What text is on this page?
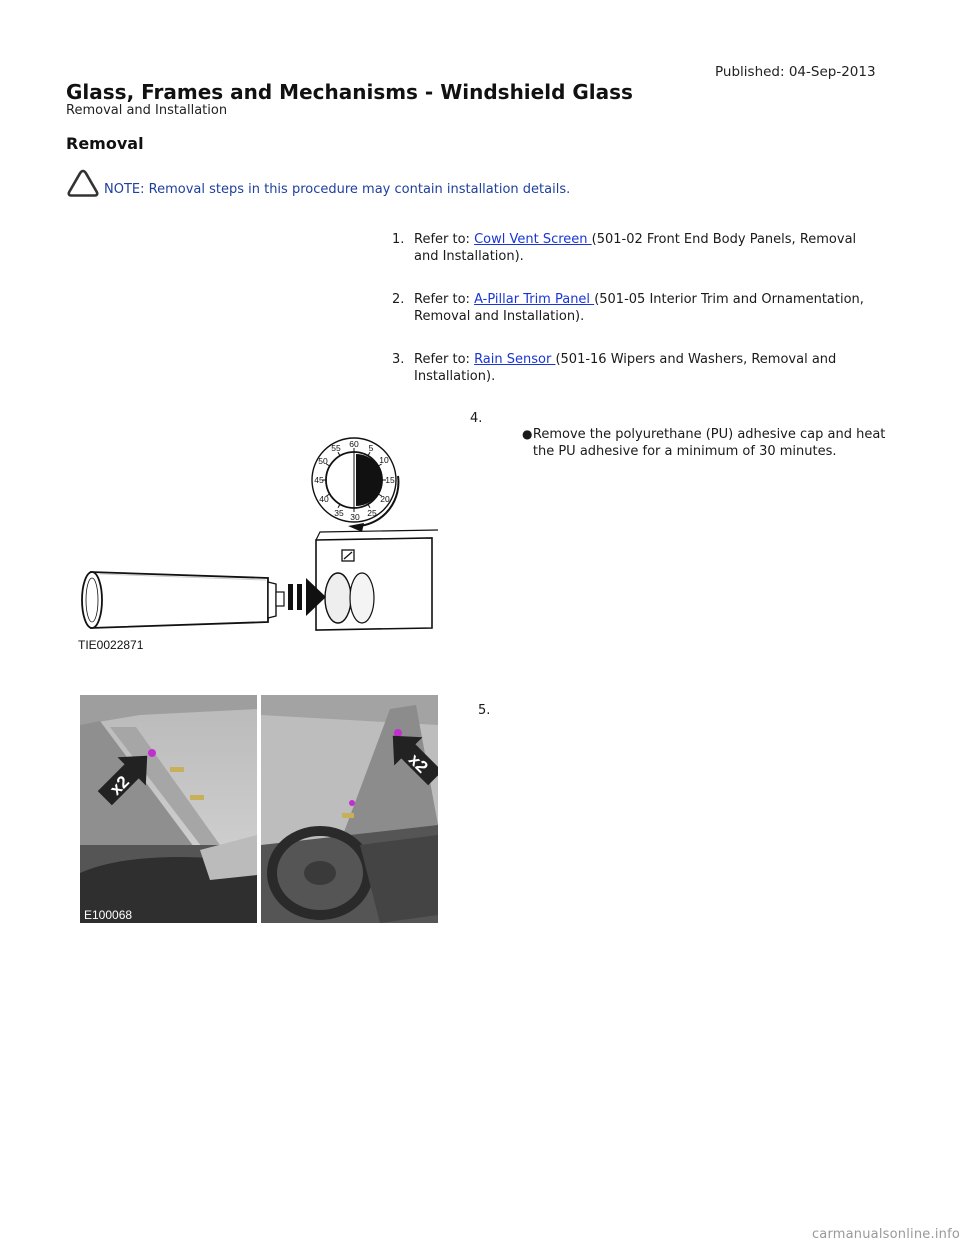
Published: 04-Sep-2013
Glass, Frames and Mechanisms - Windshield Glass
Removal and Installation
Removal
NOTE: Removal steps in this procedure may contain installation details.
1. Refer to: Cowl Vent Screen (501-02 Front End Body Panels, Removal and Installation).
2. Refer to: A-Pillar Trim Panel (501-05 Interior Trim and Ornamentation, Removal and Installation).
3. Refer to: Rain Sensor (501-16 Wipers and Washers, Removal and Installation).
4.
● Remove the polyurethane (PU) adhesive cap and heat the PU adhesive for a minimum of 30 minutes.
60 5
10
15
20
25
30
35
40
45
50
55
TIE0022871
5.
x2
x2
E100068
carmanualsonline.info
